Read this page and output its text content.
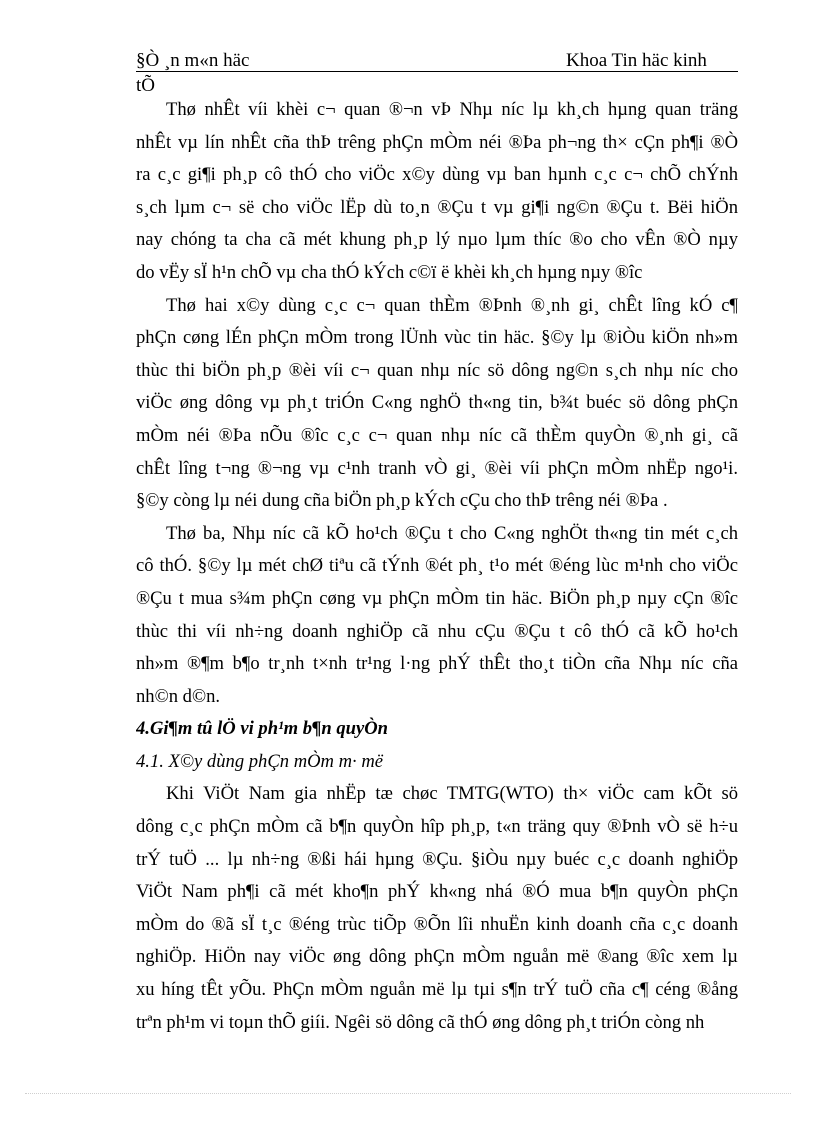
§Ò ¸n m«n häc	Khoa Tin häc kinh
tÕ
Thø nhÊt víi khèi c¬ quan ®¬n vÞ Nhµ níc lµ kh¸ch hµng quan träng
nhÊt vµ lín nhÊt cña thÞ trêng phÇn mÒm néi ®Þa ph¬ng th× cÇn ph¶i ®Ò
ra c¸c gi¶i ph¸p cô thÓ cho viÖc x©y dùng vµ ban hµnh c¸c c¬ chÕ chÝnh
s¸ch lµm c¬ së cho viÖc lËp dù to¸n ®Çu t vµ gi¶i ng©n ®Çu t. Bëi hiÖn
nay chóng ta cha cã mét khung ph¸p lý nµo lµm thíc ®o cho vÊn ®Ò nµy
do vËy sÏ h¹n chÕ vµ cha thÓ kÝch c©ï ë khèi kh¸ch hµng nµy ®îc
Thø hai x©y dùng c¸c c¬ quan thÈm ®Þnh ®¸nh gi¸ chÊt lîng kÓ c¶
phÇn cøng lÉn phÇn mÒm trong lÜnh vùc tin häc. §©y lµ ®iÒu kiÖn nh»m
thùc thi biÖn ph¸p ®èi víi c¬ quan nhµ níc sö dông ng©n s¸ch nhµ níc cho
viÖc øng dông vµ ph¸t triÓn C«ng nghÖ th«ng tin, b¾t buéc sö dông phÇn
mÒm néi ®Þa nÕu ®îc c¸c c¬ quan nhµ níc cã thÈm quyÒn ®¸nh gi¸ cã
chÊt lîng t¬ng ®¬ng vµ c¹nh tranh vÒ gi¸ ®èi víi phÇn mÒm nhËp ngo¹i.
§©y còng lµ néi dung cña biÖn ph¸p kÝch cÇu cho thÞ trêng néi ®Þa .
Thø ba, Nhµ níc cã kÕ ho¹ch ®Çu t cho C«ng nghÖt th«ng tin mét c¸ch
cô thÓ. §©y lµ mét chØ tiªu cã tÝnh ®ét ph¸ t¹o mét ®éng lùc m¹nh cho viÖc
®Çu t mua s¾m phÇn cøng vµ phÇn mÒm tin häc. BiÖn ph¸p nµy cÇn ®îc
thùc thi víi nh÷ng doanh nghiÖp cã nhu cÇu ®Çu t cô thÓ cã kÕ ho¹ch
nh»m ®¶m b¶o tr¸nh t×nh tr¹ng l·ng phÝ thÊt tho¸t tiÒn cña Nhµ níc cña
nh©n d©n.
4.Gi¶m tû lÖ vi ph¹m b¶n quyÒn
4.1. X©y dùng phÇn mÒm m· më
Khi ViÖt Nam gia nhËp tæ chøc TMTG(WTO) th× viÖc cam kÕt sö
dông c¸c phÇn mÒm cã b¶n quyÒn hîp ph¸p, t«n träng quy ®Þnh vÒ së h÷u
trÝ tuÖ ... lµ nh÷ng ®ßi hái hµng ®Çu. §iÒu nµy buéc c¸c doanh nghiÖp
ViÖt Nam ph¶i cã mét kho¶n phÝ kh«ng nhá ®Ó mua b¶n quyÒn phÇn
mÒm do ®ã sÏ t¸c ®éng trùc tiÕp ®Õn lîi nhuËn kinh doanh cña c¸c doanh
nghiÖp. HiÖn nay viÖc øng dông phÇn mÒm nguån më ®ang ®îc xem lµ
xu híng tÊt yÕu. PhÇn mÒm nguån më lµ tµi s¶n trÝ tuÖ cña c¶ céng ®ång
trªn ph¹m vi toµn thÕ giíi. Ngêi sö dông cã thÓ øng dông ph¸t triÓn còng nh
